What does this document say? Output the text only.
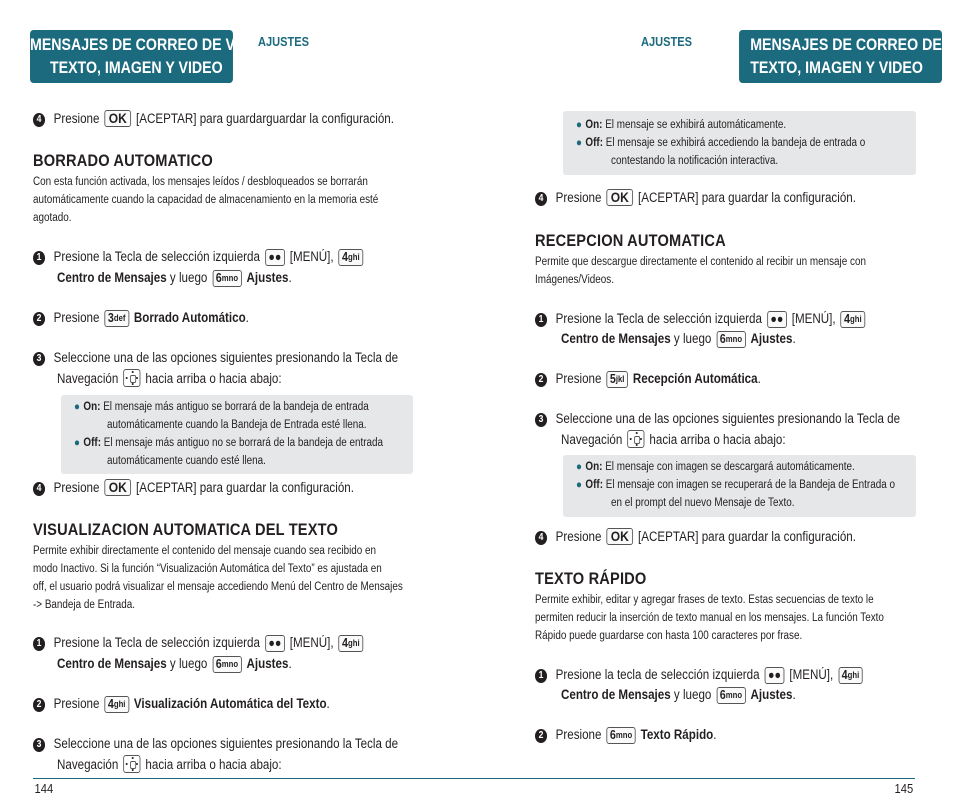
MENSAJES DE CORREO DE VOZ,
TEXTO, IMAGEN Y VIDEO
AJUSTES
4 Presione OK [ACEPTAR] para guardarguardar la configuración.
BORRADO AUTOMATICO
Con esta función activada, los mensajes leídos / desbloqueados se borrarán
automáticamente cuando la capacidad de almacenamiento en la memoria esté
agotado.
1 Presione la Tecla de selección izquierda ●● [MENÚ], $4_{ghi}$
Centro de Mensajes y luego $6_{mno}$ Ajustes.
2 Presione $3_{def}$ Borrado Automático.
3 Seleccione una de las opciones siguientes presionando la Tecla de
Navegación hacia arriba o hacia abajo:
● On: El mensaje más antiguo se borrará de la bandeja de entrada
automáticamente cuando la Bandeja de Entrada esté llena.
● Off: El mensaje más antiguo no se borrará de la bandeja de entrada
automáticamente cuando esté llena.
4 Presione OK [ACEPTAR] para guardar la configuración.
VISUALIZACION AUTOMATICA DEL TEXTO
Permite exhibir directamente el contenido del mensaje cuando sea recibido en
modo Inactivo. Si la función “Visualización Automática del Texto” es ajustada en
off, el usuario podrá visualizar el mensaje accediendo Menú del Centro de Mensajes
-> Bandeja de Entrada.
1 Presione la Tecla de selección izquierda ●● [MENÚ], $4_{ghi}$
Centro de Mensajes y luego $6_{mno}$ Ajustes.
2 Presione $4_{ghi}$ Visualización Automática del Texto.
3 Seleccione una de las opciones siguientes presionando la Tecla de
Navegación hacia arriba o hacia abajo:
144
AJUSTES	MENSAJES DE CORREO DE VOZ,
TEXTO, IMAGEN Y VIDEO
● On: El mensaje se exhibirá automáticamente.
● Off: El mensaje se exhibirá accediendo la bandeja de entrada o
contestando la notificación interactiva.
4 Presione OK [ACEPTAR] para guardar la configuración.
RECEPCION AUTOMATICA
Permite que descargue directamente el contenido al recibir un mensaje con
Imágenes/Videos.
1 Presione la Tecla de selección izquierda ●● [MENÚ], $4_{ghi}$
Centro de Mensajes y luego $6_{mno}$ Ajustes.
2 Presione $5_{jkl}$ Recepción Automática.
3 Seleccione una de las opciones siguientes presionando la Tecla de
Navegación hacia arriba o hacia abajo:
● On: El mensaje con imagen se descargará automáticamente.
● Off: El mensaje con imagen se recuperará de la Bandeja de Entrada o
en el prompt del nuevo Mensaje de Texto.
4 Presione OK [ACEPTAR] para guardar la configuración.
TEXTO RÁPIDO
Permite exhibir, editar y agregar frases de texto. Estas secuencias de texto le
permiten reducir la inserción de texto manual en los mensajes. La función Texto
Rápido puede guardarse con hasta 100 caracteres por frase.
1 Presione la tecla de selección izquierda ●● [MENÚ], $4_{ghi}$
Centro de Mensajes y luego $6_{mno}$ Ajustes.
2 Presione $6_{mno}$ Texto Rápido.
145
